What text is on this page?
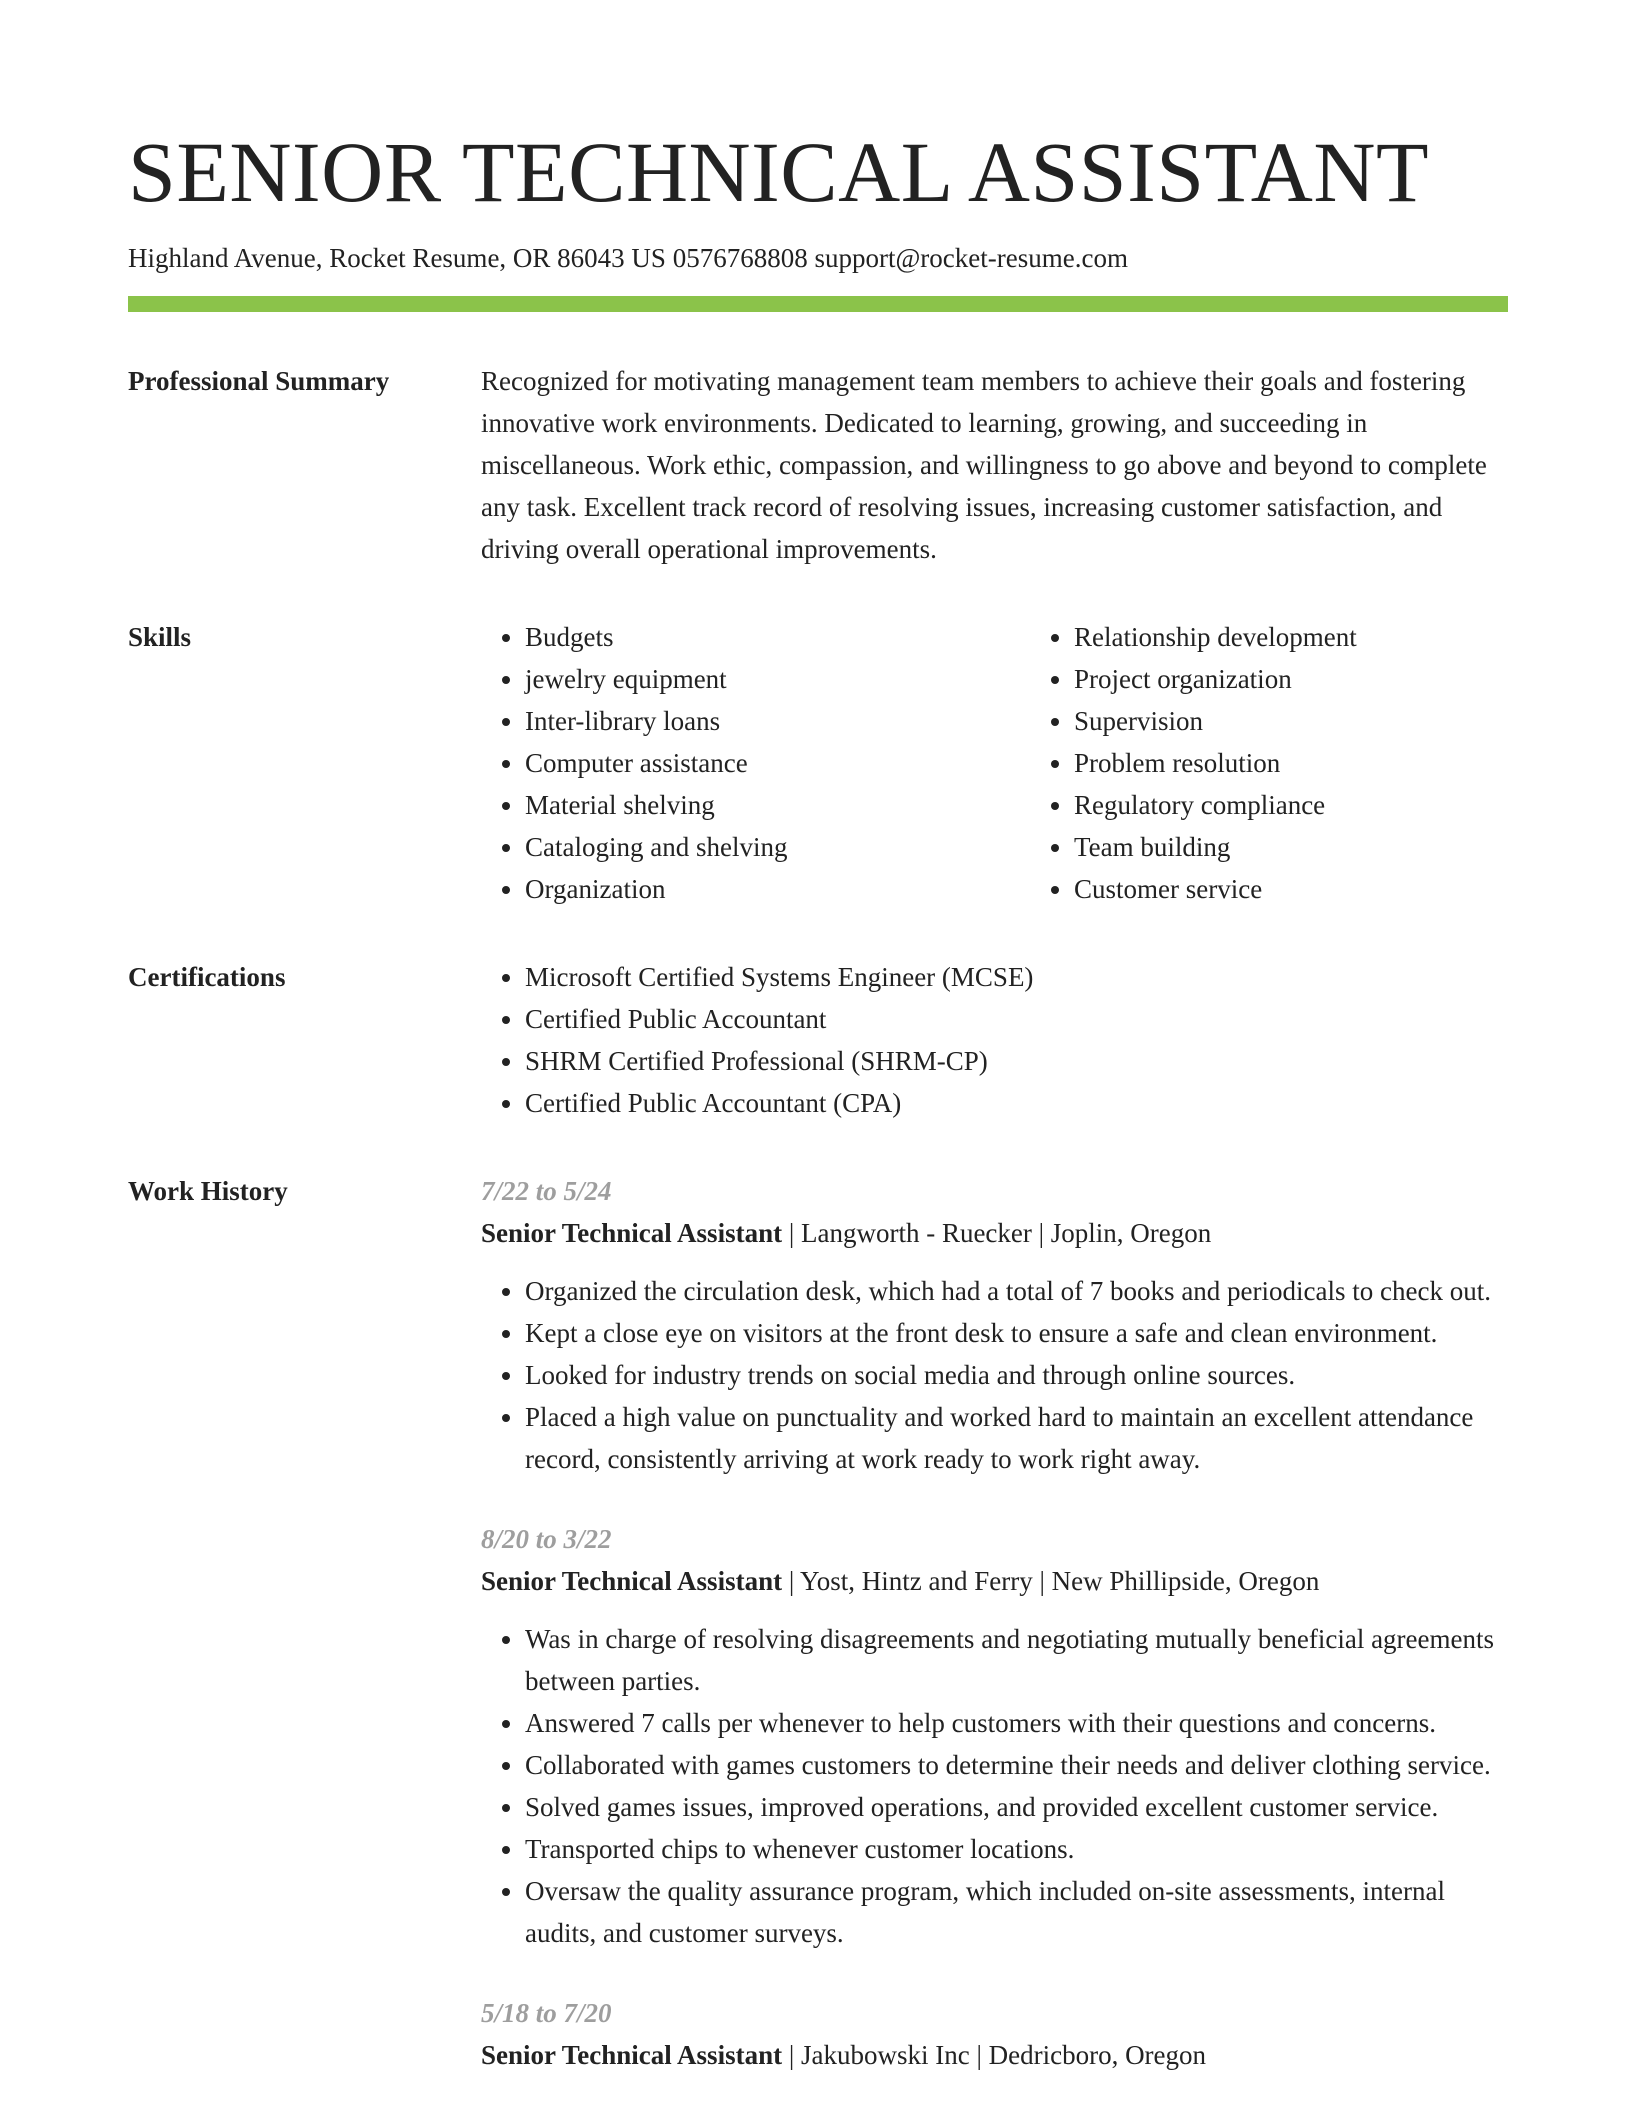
SENIOR TECHNICAL ASSISTANT
Highland Avenue, Rocket Resume, OR 86043 US 0576768808 support@rocket-resume.com
Professional Summary	Recognized for motivating management team members to achieve their goals and fostering innovative work environments. Dedicated to learning, growing, and succeeding in miscellaneous. Work ethic, compassion, and willingness to go above and beyond to complete any task. Excellent track record of resolving issues, increasing customer satisfaction, and driving overall operational improvements.

Skills	• Budgets
• jewelry equipment
• Inter-library loans
• Computer assistance
• Material shelving
• Cataloging and shelving
• Organization
• Relationship development
• Project organization
• Supervision
• Problem resolution
• Regulatory compliance
• Team building
• Customer service
Certifications	• Microsoft Certified Systems Engineer (MCSE)
• Certified Public Accountant
• SHRM Certified Professional (SHRM-CP)
• Certified Public Accountant (CPA)
Work History	7/22 to 5/24
Senior Technical Assistant | Langworth - Ruecker | Joplin, Oregon
• Organized the circulation desk, which had a total of 7 books and periodicals to check out.
• Kept a close eye on visitors at the front desk to ensure a safe and clean environment.
• Looked for industry trends on social media and through online sources.
• Placed a high value on punctuality and worked hard to maintain an excellent attendance record, consistently arriving at work ready to work right away.
8/20 to 3/22
Senior Technical Assistant | Yost, Hintz and Ferry | New Phillipside, Oregon
• Was in charge of resolving disagreements and negotiating mutually beneficial agreements between parties.
• Answered 7 calls per whenever to help customers with their questions and concerns.
• Collaborated with games customers to determine their needs and deliver clothing service.
• Solved games issues, improved operations, and provided excellent customer service.
• Transported chips to whenever customer locations.
• Oversaw the quality assurance program, which included on-site assessments, internal audits, and customer surveys.
5/18 to 7/20
Senior Technical Assistant | Jakubowski Inc | Dedricboro, Oregon
